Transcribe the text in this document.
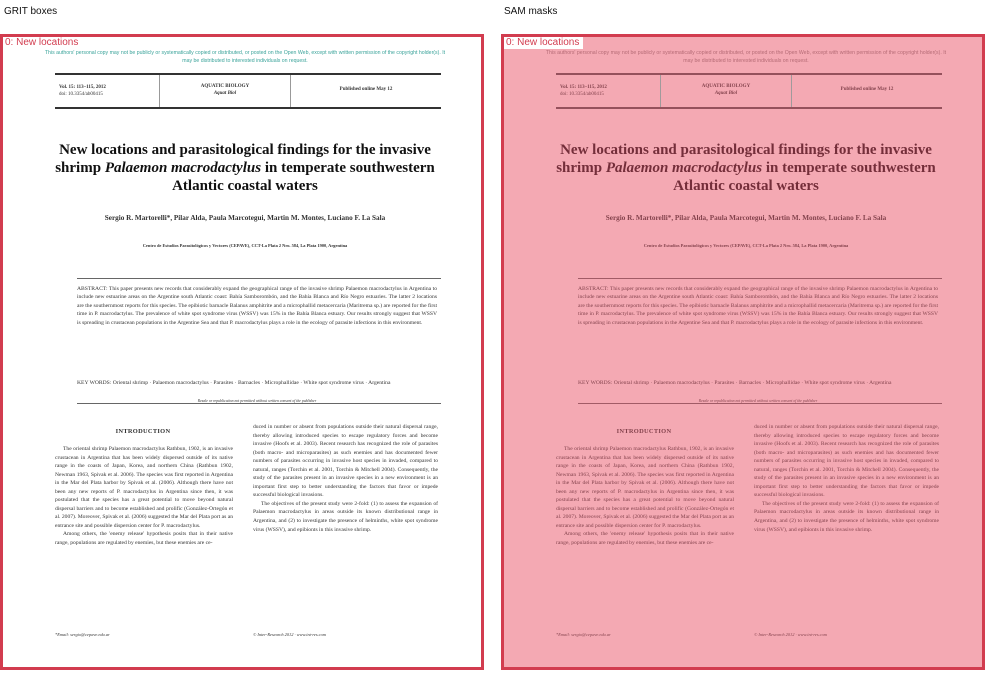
GRIT boxes	SAM masks
0: New locations
This authors' personal copy may not be publicly or systematically copied or distributed, or posted on the Open Web, except with written permission of the copyright holder(s). It may be distributed to interested individuals on request.
Vol. 15: 113–115, 2012
doi: 10.3354/ab00415
AQUATIC BIOLOGY
Aquat Biol
Published online May 12
New locations and parasitological findings for the invasive shrimp Palaemon macrodactylus in temperate southwestern Atlantic coastal waters
Sergio R. Martorelli*, Pilar Alda, Paula Marcotegui, Martin M. Montes, Luciano F. La Sala
Centro de Estudios Parasitológicos y Vectores (CEPAVE), CCT-La Plata 2 Nro. 584, La Plata 1900, Argentina
ABSTRACT: This paper presents new records that considerably expand the geographical range of the invasive shrimp Palaemon macrodactylus in Argentina to include new estuarine areas on the Argentine south Atlantic coast: Bahía Samborombón, and the Bahía Blanca and Río Negro estuaries. The latter 2 locations are the southernmost reports for this species. The epibiotic barnacle Balanus amphitrite and a microphallid metacercaria (Maritrema sp.) are reported for the first time in P. macrodactylus. The prevalence of white spot syndrome virus (WSSV) was 15% in the Bahía Blanca estuary. Our results strongly suggest that WSSV is spreading in crustacean populations in the Argentine Sea and that P. macrodactylus plays a role in the ecology of parasite infections in this environment.
KEY WORDS: Oriental shrimp · Palaemon macrodactylus · Parasites · Barnacles · Microphallidae · White spot syndrome virus · Argentina
Resale or republication not permitted without written consent of the publisher
INTRODUCTION

The oriental shrimp Palaemon macrodactylus Rathbun, 1902, is an invasive crustacean in Argentina that has been widely dispersed outside of its native range in the coasts of Japan, Korea, and northern China (Rathbun 1902, Newman 1963, Spivak et al. 2006). The species was first reported in Argentina in the Mar del Plata harbor by Spivak et al. (2006). Although there have not been any new reports of P. macrodactylus in Argentina since then, it was postulated that the species has a great potential to move beyond natural dispersal barriers and to become established and prolific (González-Ortegón et al. 2007). Moreover, Spivak et al. (2006) suggested the Mar del Plata port as an entrance site and possible dispersion center for P. macrodactylus.

Among others, the 'enemy release' hypothesis posits that in their native range, populations are regulated by enemies, but these enemies are ce-

duced in number or absent from populations outside their natural dispersal range, thereby allowing introduced species to escape regulatory forces and become invasive (Hoofs et al. 2003). Recent research has recognized the role of parasites (both macro- and microparasites) as such enemies and has documented fewer numbers of parasites occurring in invasive host species in invaded, compared to natural, ranges (Torchin et al. 2001, Torchin & Mitchell 2004). Consequently, the study of the parasites present in an invasive species in a new environment is an important first step to better understanding the factors that favor or impede successful biological invasions.

The objectives of the present study were 2-fold: (1) to assess the expansion of Palaemon macrodactylus in areas outside its known distributional range in Argentina, and (2) to investigate the presence of helminths, white spot syndrome virus (WSSV), and epibionts in this invasive shrimp.

*Email: sergio@cepave.edu.ar	© Inter-Research 2012 · www.int-res.com
0: New locations
This authors' personal copy may not be publicly or systematically copied or distributed, or posted on the Open Web, except with written permission of the copyright holder(s). It may be distributed to interested individuals on request.
Vol. 15: 113–115, 2012
doi: 10.3354/ab00415
AQUATIC BIOLOGY
Aquat Biol
Published online May 12
New locations and parasitological findings for the invasive shrimp Palaemon macrodactylus in temperate southwestern Atlantic coastal waters
Sergio R. Martorelli*, Pilar Alda, Paula Marcotegui, Martin M. Montes, Luciano F. La Sala
Centro de Estudios Parasitológicos y Vectores (CEPAVE), CCT-La Plata 2 Nro. 584, La Plata 1900, Argentina
ABSTRACT: This paper presents new records that considerably expand the geographical range of the invasive shrimp Palaemon macrodactylus in Argentina to include new estuarine areas on the Argentine south Atlantic coast: Bahía Samborombón, and the Bahía Blanca and Río Negro estuaries. The latter 2 locations are the southernmost reports for this species. The epibiotic barnacle Balanus amphitrite and a microphallid metacercaria (Maritrema sp.) are reported for the first time in P. macrodactylus. The prevalence of white spot syndrome virus (WSSV) was 15% in the Bahía Blanca estuary. Our results strongly suggest that WSSV is spreading in crustacean populations in the Argentine Sea and that P. macrodactylus plays a role in the ecology of parasite infections in this environment.
KEY WORDS: Oriental shrimp · Palaemon macrodactylus · Parasites · Barnacles · Microphallidae · White spot syndrome virus · Argentina
Resale or republication not permitted without written consent of the publisher
INTRODUCTION

The oriental shrimp Palaemon macrodactylus Rathbun, 1902, is an invasive crustacean in Argentina that has been widely dispersed outside of its native range in the coasts of Japan, Korea, and northern China (Rathbun 1902, Newman 1963, Spivak et al. 2006). The species was first reported in Argentina in the Mar del Plata harbor by Spivak et al. (2006). Although there have not been any new reports of P. macrodactylus in Argentina since then, it was postulated that the species has a great potential to move beyond natural dispersal barriers and to become established and prolific (González-Ortegón et al. 2007). Moreover, Spivak et al. (2006) suggested the Mar del Plata port as an entrance site and possible dispersion center for P. macrodactylus.

Among others, the 'enemy release' hypothesis posits that in their native range, populations are regulated by enemies, but these enemies are ce-

duced in number or absent from populations outside their natural dispersal range, thereby allowing introduced species to escape regulatory forces and become invasive (Hoofs et al. 2003). Recent research has recognized the role of parasites (both macro- and microparasites) as such enemies and has documented fewer numbers of parasites occurring in invasive host species in invaded, compared to natural, ranges (Torchin et al. 2001, Torchin & Mitchell 2004). Consequently, the study of the parasites present in an invasive species in a new environment is an important first step to better understanding the factors that favor or impede successful biological invasions.

The objectives of the present study were 2-fold: (1) to assess the expansion of Palaemon macrodactylus in areas outside its known distributional range in Argentina, and (2) to investigate the presence of helminths, white spot syndrome virus (WSSV), and epibionts in this invasive shrimp.

*Email: sergio@cepave.edu.ar	© Inter-Research 2012 · www.int-res.com
